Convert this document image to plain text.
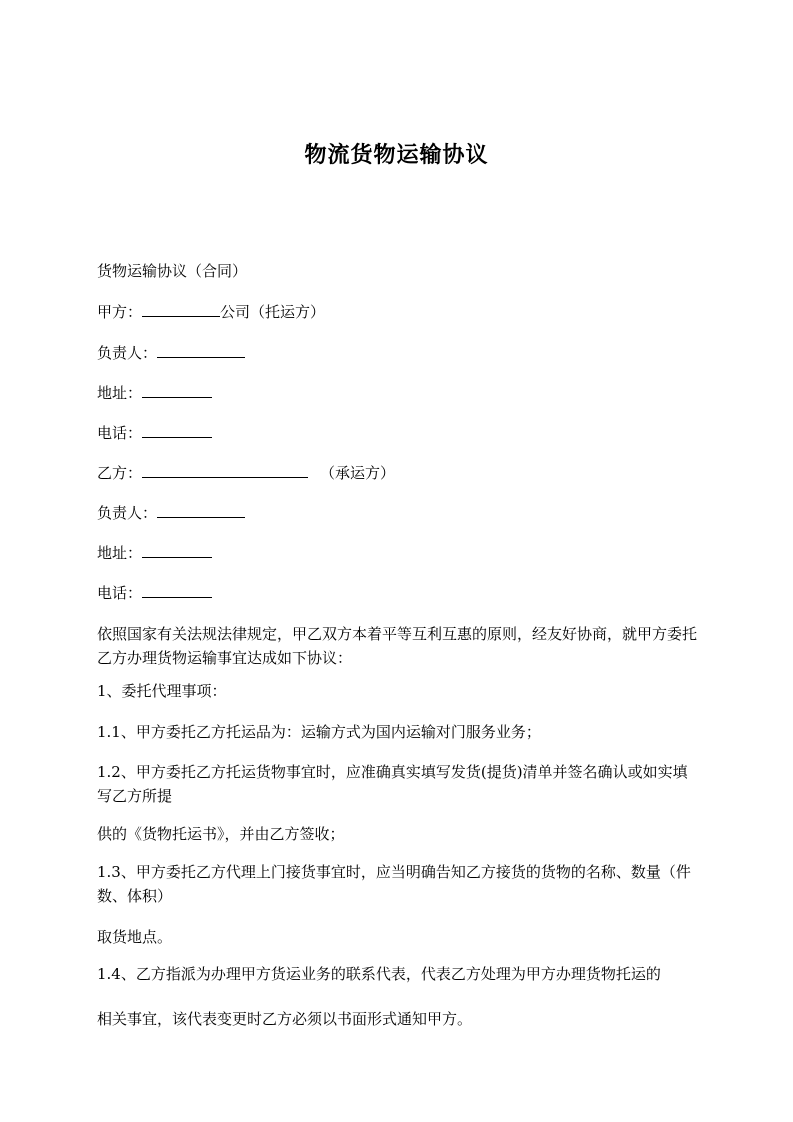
物流货物运输协议
货物运输协议（合同）
甲方：	公司（托运方）
负责人：
地址：
电话：
乙方：	（承运方）
负责人：
地址：
电话：
依照国家有关法规法律规定，甲乙双方本着平等互利互惠的原则，经友好协商，就甲方委托乙方办理货物运输事宜达成如下协议：
1、委托代理事项：
1.1、甲方委托乙方托运品为：运输方式为国内运输对门服务业务；
1.2、甲方委托乙方托运货物事宜时，应准确真实填写发货(提货)清单并签名确认或如实填写乙方所提
供的《货物托运书》，并由乙方签收；
1.3、甲方委托乙方代理上门接货事宜时，应当明确告知乙方接货的货物的名称、数量（件数、体积）
取货地点。
1.4、乙方指派为办理甲方货运业务的联系代表，代表乙方处理为甲方办理货物托运的
相关事宜，该代表变更时乙方必须以书面形式通知甲方。
